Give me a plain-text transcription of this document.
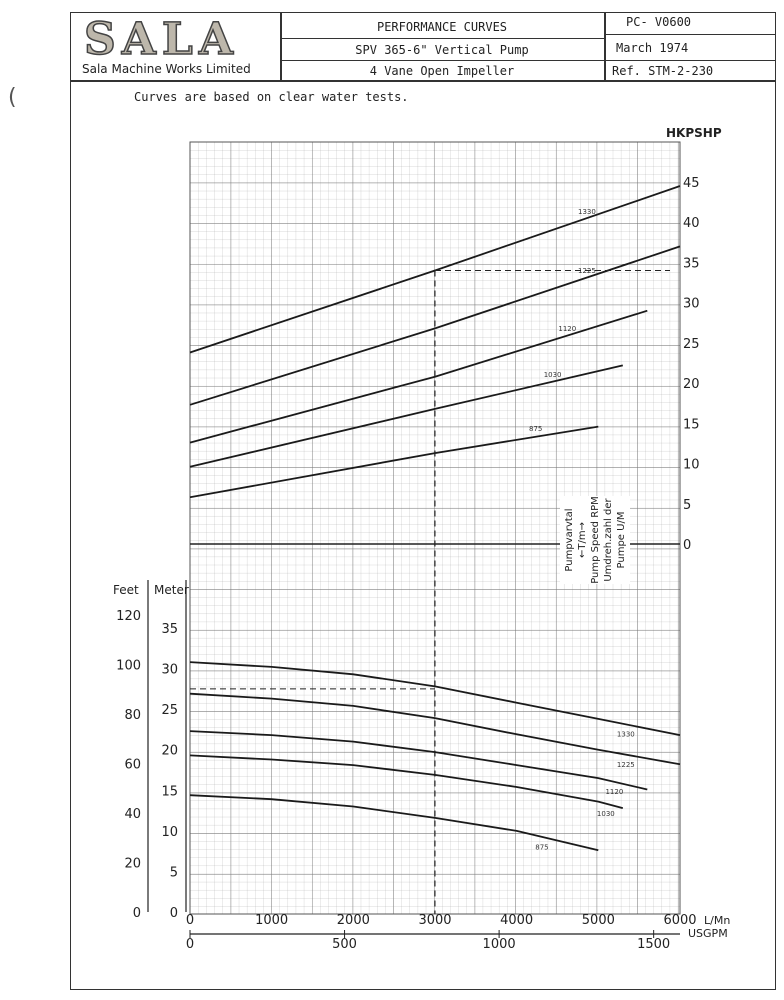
SALA
Sala Machine Works Limited
PERFORMANCE CURVES
SPV 365-6" Vertical Pump
4 Vane Open Impeller
PC- V0600
March 1974
Ref. STM-2-230
Curves are based on clear water tests.
(
0
5
10
15
20
25
30
35
40
45
HKPSHP
1330
1225
1120
1030
875
Pumpvarvtal ←T/m→ Pump Speed RPM Umdreh.zahl der Pumpe U/M
Meter
Feet
0
5
10
15
20
25
30
35
0
20
40
60
80
100
120
1330
1225
1120
1030
875
0	1000	2000	3000	4000	5000	6000 L/Mn
0	500	1000	1500
USGPM
